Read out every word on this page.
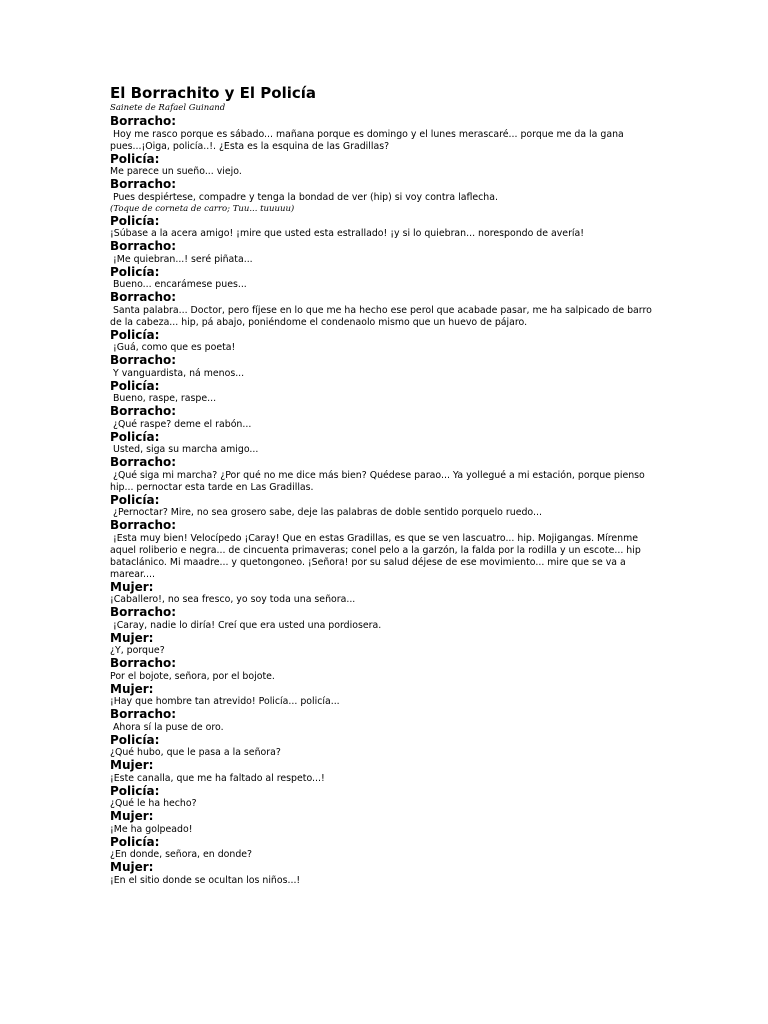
El Borrachito y El Policía

Sainete de Rafael Guinand

Borracho:
Hoy me rasco porque es sábado... mañana porque es domingo y el lunes merascaré... porque me da la gana pues...¡Oiga, policía..!. ¿Esta es la esquina de las Gradillas?
Policía:
Me parece un sueño... viejo.
Borracho:
Pues despiértese, compadre y tenga la bondad de ver (hip) si voy contra laflecha.
(Toque de corneta de carro; Tuu... tuuuuu)
Policía:
¡Súbase a la acera amigo! ¡mire que usted esta estrallado! ¡y si lo quiebran... norespondo de avería!
Borracho:
¡Me quiebran...! seré piñata...
Policía:
Bueno... encarámese pues...
Borracho:
Santa palabra... Doctor, pero fíjese en lo que me ha hecho ese perol que acabade pasar, me ha salpicado de barro de la cabeza... hip, pá abajo, poniéndome el condenaolo mismo que un huevo de pájaro.
Policía:
¡Guá, como que es poeta!
Borracho:
Y vanguardista, ná menos...
Policía:
Bueno, raspe, raspe...
Borracho:
¿Qué raspe? deme el rabón...
Policía:
Usted, siga su marcha amigo...
Borracho:
¿Qué siga mi marcha? ¿Por qué no me dice más bien? Quédese parao... Ya yollegué a mi estación, porque pienso hip... pernoctar esta tarde en Las Gradillas.
Policía:
¿Pernoctar? Mire, no sea grosero sabe, deje las palabras de doble sentido porquelo ruedo...
Borracho:
¡Esta muy bien! Velocípedo ¡Caray! Que en estas Gradillas, es que se ven lascuatro... hip. Mojigangas. Mírenme aquel roliberio e negra... de cincuenta primaveras; conel pelo a la garzón, la falda por la rodilla y un escote... hip bataclánico. Mi maadre... y quetongoneo. ¡Señora! por su salud déjese de ese movimiento... mire que se va a marear....
Mujer:
¡Caballero!, no sea fresco, yo soy toda una señora...
Borracho:
¡Caray, nadie lo diría! Creí que era usted una pordiosera.
Mujer:
¿Y, porque?
Borracho:
Por el bojote, señora, por el bojote.
Mujer:
¡Hay que hombre tan atrevido! Policía... policía...
Borracho:
Ahora sí la puse de oro.
Policía:
¿Qué hubo, que le pasa a la señora?
Mujer:
¡Este canalla, que me ha faltado al respeto...!
Policía:
¿Qué le ha hecho?
Mujer:
¡Me ha golpeado!
Policía:
¿En donde, señora, en donde?
Mujer:
¡En el sitio donde se ocultan los niños...!
